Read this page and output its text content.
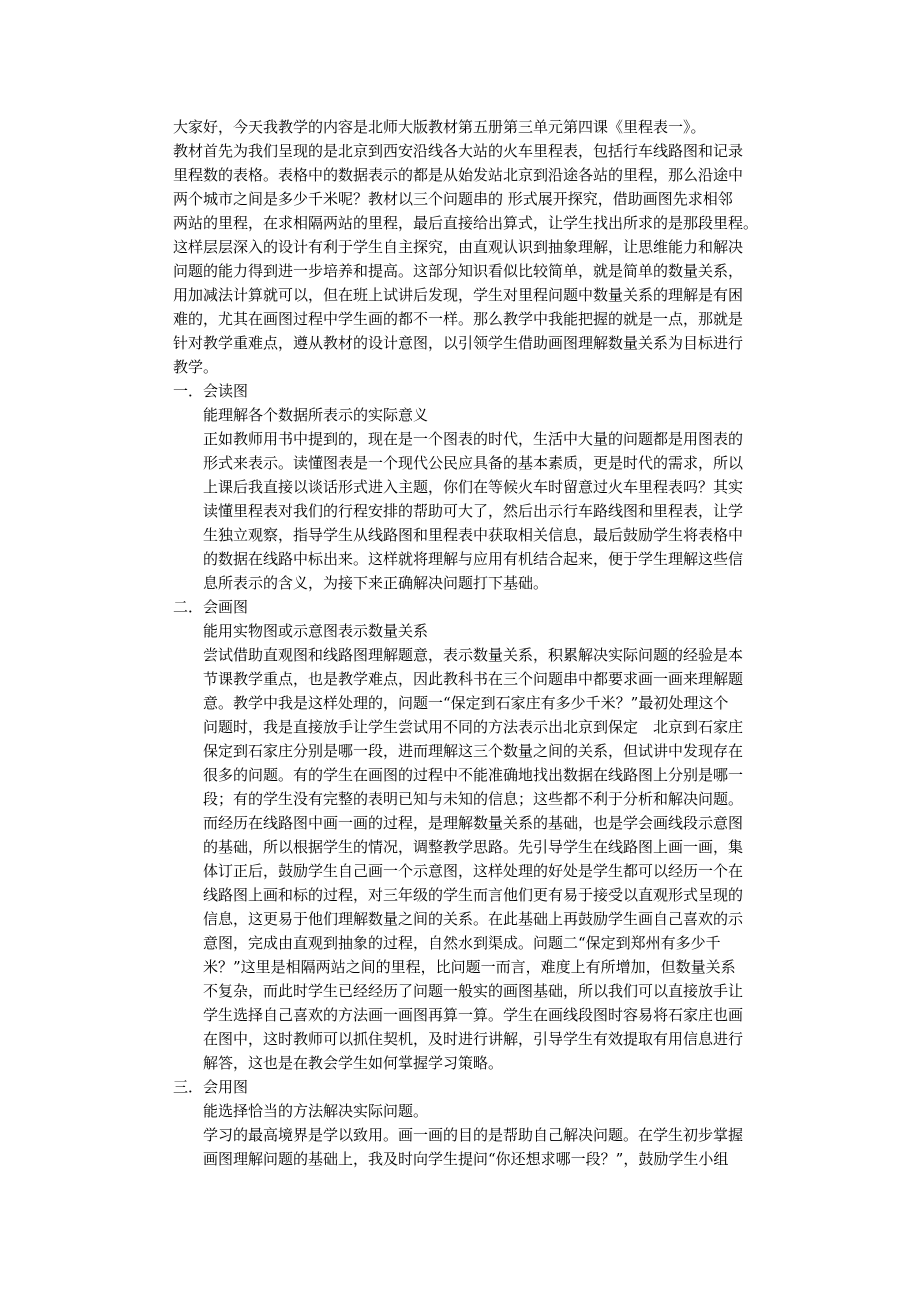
大家好，今天我教学的内容是北师大版教材第五册第三单元第四课《里程表一》。
教材首先为我们呈现的是北京到西安沿线各大站的火车里程表，包括行车线路图和记录
里程数的表格。表格中的数据表示的都是从始发站北京到沿途各站的里程，那么沿途中
两个城市之间是多少千米呢？教材以三个问题串的 形式展开探究，借助画图先求相邻
两站的里程，在求相隔两站的里程，最后直接给出算式，让学生找出所求的是那段里程。
这样层层深入的设计有利于学生自主探究，由直观认识到抽象理解，让思维能力和解决
问题的能力得到进一步培养和提高。这部分知识看似比较简单，就是简单的数量关系，
用加减法计算就可以，但在班上试讲后发现，学生对里程问题中数量关系的理解是有困
难的，尤其在画图过程中学生画的都不一样。那么教学中我能把握的就是一点，那就是
针对教学重难点，遵从教材的设计意图，以引领学生借助画图理解数量关系为目标进行
教学。
一．会读图
能理解各个数据所表示的实际意义
正如教师用书中提到的，现在是一个图表的时代，生活中大量的问题都是用图表的
形式来表示。读懂图表是一个现代公民应具备的基本素质，更是时代的需求，所以
上课后我直接以谈话形式进入主题，你们在等候火车时留意过火车里程表吗？其实
读懂里程表对我们的行程安排的帮助可大了，然后出示行车路线图和里程表，让学
生独立观察，指导学生从线路图和里程表中获取相关信息，最后鼓励学生将表格中
的数据在线路中标出来。这样就将理解与应用有机结合起来，便于学生理解这些信
息所表示的含义，为接下来正确解决问题打下基础。
二．会画图
能用实物图或示意图表示数量关系
尝试借助直观图和线路图理解题意，表示数量关系，积累解决实际问题的经验是本
节课教学重点，也是教学难点，因此教科书在三个问题串中都要求画一画来理解题
意。教学中我是这样处理的，问题一“保定到石家庄有多少千米？”最初处理这个
问题时，我是直接放手让学生尝试用不同的方法表示出北京到保定　北京到石家庄
保定到石家庄分别是哪一段，进而理解这三个数量之间的关系，但试讲中发现存在
很多的问题。有的学生在画图的过程中不能准确地找出数据在线路图上分别是哪一
段；有的学生没有完整的表明已知与未知的信息；这些都不利于分析和解决问题。
而经历在线路图中画一画的过程，是理解数量关系的基础，也是学会画线段示意图
的基础，所以根据学生的情况，调整教学思路。先引导学生在线路图上画一画，集
体订正后，鼓励学生自己画一个示意图，这样处理的好处是学生都可以经历一个在
线路图上画和标的过程，对三年级的学生而言他们更有易于接受以直观形式呈现的
信息，这更易于他们理解数量之间的关系。在此基础上再鼓励学生画自己喜欢的示
意图，完成由直观到抽象的过程，自然水到渠成。问题二“保定到郑州有多少千
米？”这里是相隔两站之间的里程，比问题一而言，难度上有所增加，但数量关系
不复杂，而此时学生已经经历了问题一般实的画图基础，所以我们可以直接放手让
学生选择自己喜欢的方法画一画图再算一算。学生在画线段图时容易将石家庄也画
在图中，这时教师可以抓住契机，及时进行讲解，引导学生有效提取有用信息进行
解答，这也是在教会学生如何掌握学习策略。
三．会用图
能选择恰当的方法解决实际问题。
学习的最高境界是学以致用。画一画的目的是帮助自己解决问题。在学生初步掌握
画图理解问题的基础上，我及时向学生提问“你还想求哪一段？”，鼓励学生小组
